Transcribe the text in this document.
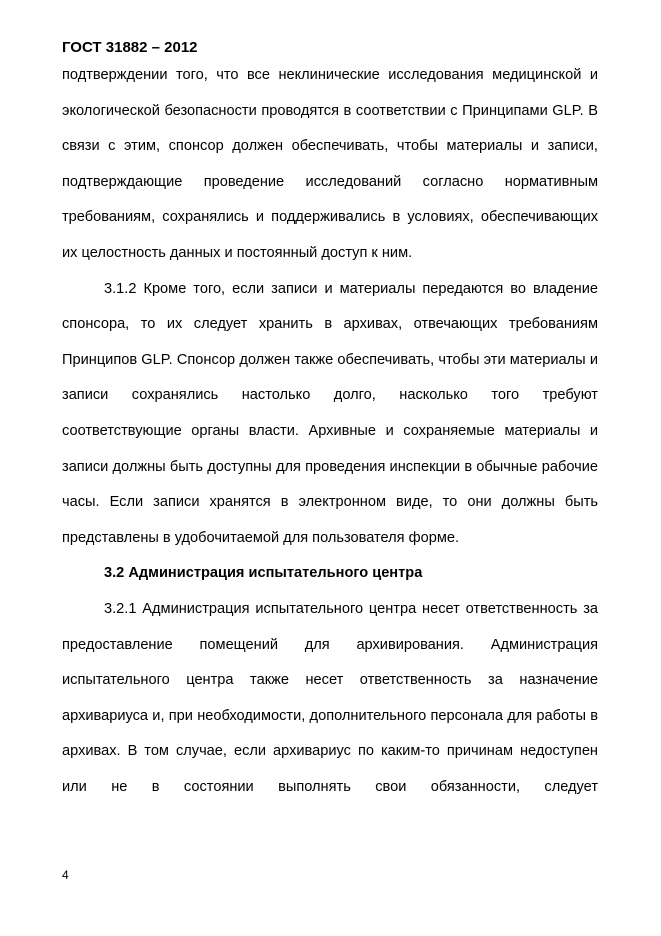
ГОСТ 31882 – 2012

подтверждении того, что все неклинические исследования медицинской и экологической безопасности проводятся в соответствии с Принципами GLP. В связи с этим, спонсор должен обеспечивать, чтобы материалы и записи, подтверждающие проведение исследований согласно нормативным требованиям, сохранялись и поддерживались в условиях, обеспечивающих их целостность данных и постоянный доступ к ним.

3.1.2 Кроме того, если записи и материалы передаются во владение спонсора, то их следует хранить в архивах, отвечающих требованиям Принципов GLP. Спонсор должен также обеспечивать, чтобы эти материалы и записи сохранялись настолько долго, насколько того требуют соответствующие органы власти. Архивные и сохраняемые материалы и записи должны быть доступны для проведения инспекции в обычные рабочие часы. Если записи хранятся в электронном виде, то они должны быть представлены в удобочитаемой для пользователя форме.

3.2 Администрация испытательного центра

3.2.1 Администрация испытательного центра несет ответственность за предоставление помещений для архивирования. Администрация испытательного центра также несет ответственность за назначение архивариуса и, при необходимости, дополнительного персонала для работы в архивах. В том случае, если архивариус по каким-то причинам недоступен или не в состоянии выполнять свои обязанности, следует

4
